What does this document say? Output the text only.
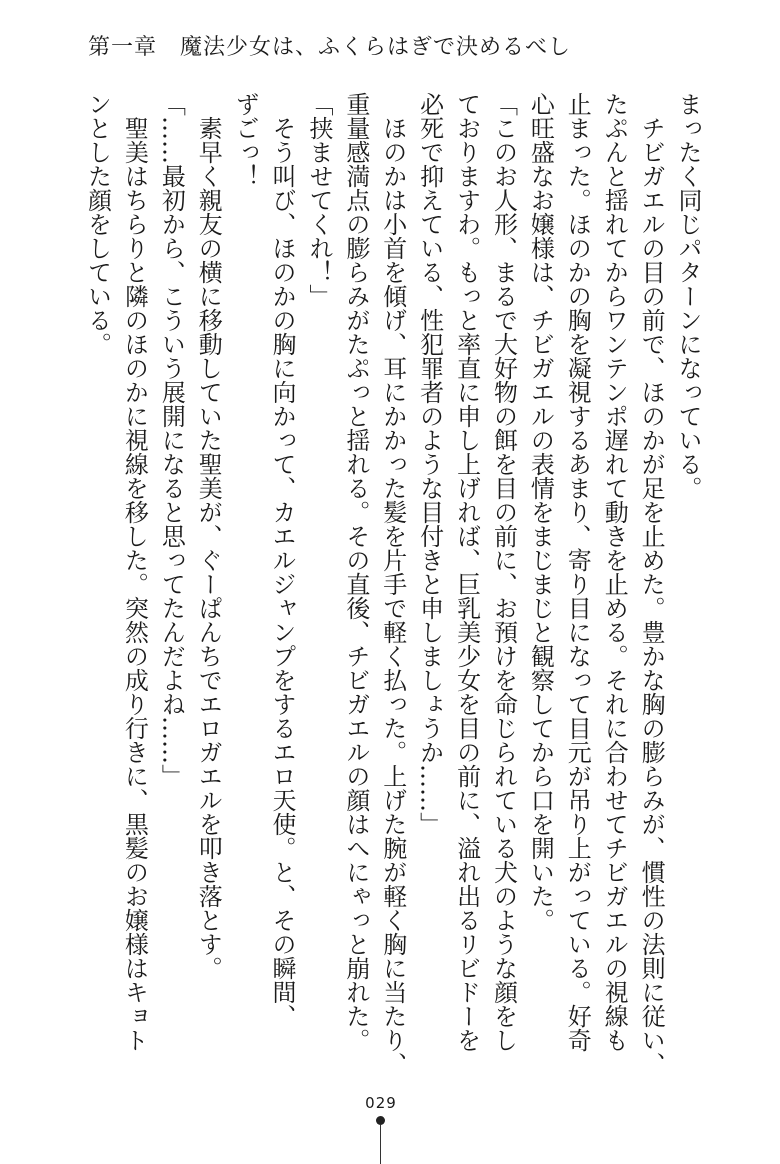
第一章　魔法少女は、ふくらはぎで決めるべし
まったく同じパターンになっている。
　チビガエルの目の前で、ほのかが足を止めた。豊かな胸の膨らみが、慣性の法則に従い、
たぷんと揺れてからワンテンポ遅れて動きを止める。それに合わせてチビガエルの視線も
止まった。ほのかの胸を凝視するあまり、寄り目になって目元が吊り上がっている。好奇
心旺盛なお嬢様は、チビガエルの表情をまじまじと観察してから口を開いた。
「このお人形、まるで大好物の餌を目の前に、お預けを命じられている犬のような顔をし
ておりますわ。もっと率直に申し上げれば、巨乳美少女を目の前に、溢れ出るリビドーを
必死で抑えている、性犯罪者のような目付きと申しましょうか……」
　ほのかは小首を傾げ、耳にかかった髪を片手で軽く払った。上げた腕が軽く胸に当たり、
重量感満点の膨らみがたぷっと揺れる。その直後、チビガエルの顔はへにゃっと崩れた。
「挟ませてくれ！」
　そう叫び、ほのかの胸に向かって、カエルジャンプをするエロ天使。と、その瞬間、
ずごっ！
　素早く親友の横に移動していた聖美が、ぐーぱんちでエロガエルを叩き落とす。
「……最初から、こういう展開になると思ってたんだよね……」
　聖美はちらりと隣のほのかに視線を移した。突然の成り行きに、黒髪のお嬢様はキョト
ンとした顔をしている。
029
